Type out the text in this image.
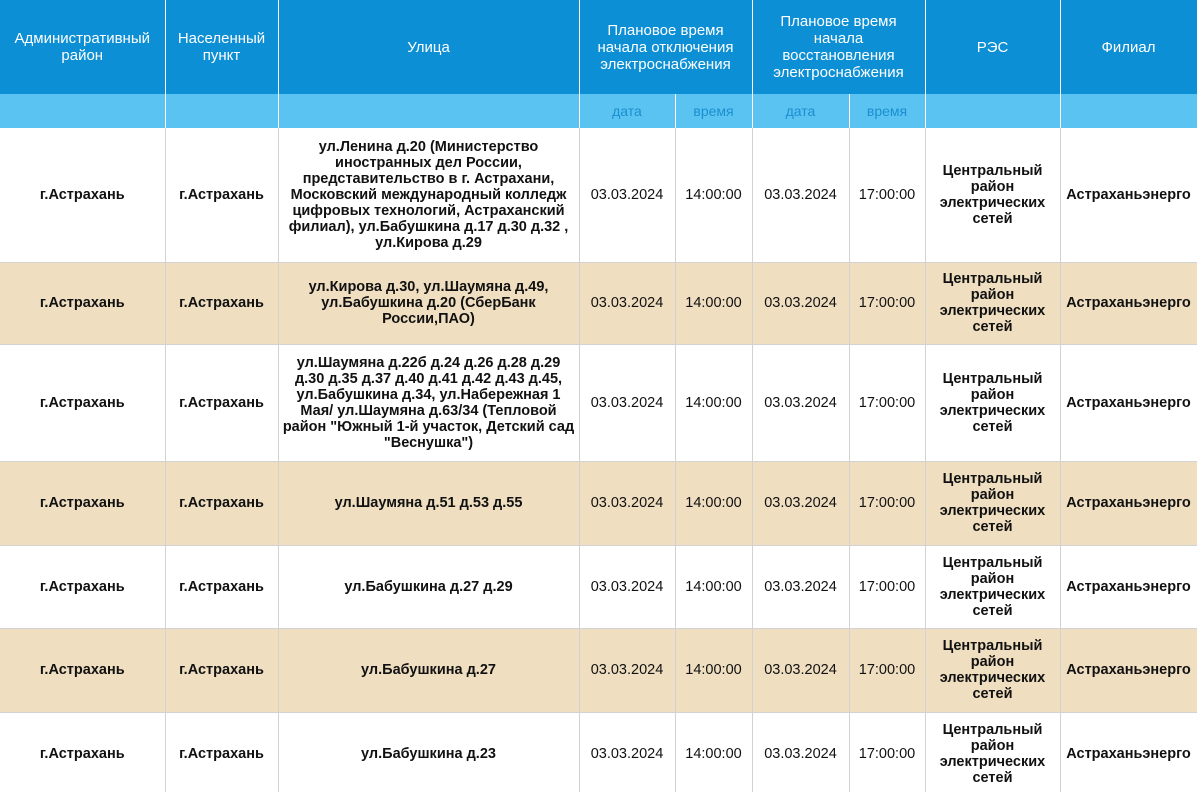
Административный район	Населенный пункт	Улица	Плановое время начала отключения электроснабжения		Плановое время начала восстановления электроснабжения		РЭС	Филиал
			дата	время	дата	время		
г.Астрахань	г.Астрахань	ул.Ленина д.20 (Министерство иностранных дел России, представительство в г. Астрахани, Московский международный колледж цифровых технологий, Астраханский филиал), ул.Бабушкина д.17 д.30 д.32 , ул.Кирова д.29	03.03.2024	14:00:00	03.03.2024	17:00:00	Центральный район электрических сетей	Астраханьэнерго
г.Астрахань	г.Астрахань	ул.Кирова д.30, ул.Шаумяна д.49, ул.Бабушкина д.20 (СберБанк России,ПАО)	03.03.2024	14:00:00	03.03.2024	17:00:00	Центральный район электрических сетей	Астраханьэнерго
г.Астрахань	г.Астрахань	ул.Шаумяна д.22б д.24 д.26 д.28 д.29 д.30 д.35 д.37 д.40 д.41 д.42 д.43 д.45, ул.Бабушкина д.34, ул.Набережная 1 Мая/ ул.Шаумяна д.63/34 (Тепловой район "Южный 1-й участок, Детский сад "Веснушка")	03.03.2024	14:00:00	03.03.2024	17:00:00	Центральный район электрических сетей	Астраханьэнерго
г.Астрахань	г.Астрахань	ул.Шаумяна д.51 д.53 д.55	03.03.2024	14:00:00	03.03.2024	17:00:00	Центральный район электрических сетей	Астраханьэнерго
г.Астрахань	г.Астрахань	ул.Бабушкина д.27 д.29	03.03.2024	14:00:00	03.03.2024	17:00:00	Центральный район электрических сетей	Астраханьэнерго
г.Астрахань	г.Астрахань	ул.Бабушкина д.27	03.03.2024	14:00:00	03.03.2024	17:00:00	Центральный район электрических сетей	Астраханьэнерго
г.Астрахань	г.Астрахань	ул.Бабушкина д.23	03.03.2024	14:00:00	03.03.2024	17:00:00	Центральный район электрических сетей	Астраханьэнерго
